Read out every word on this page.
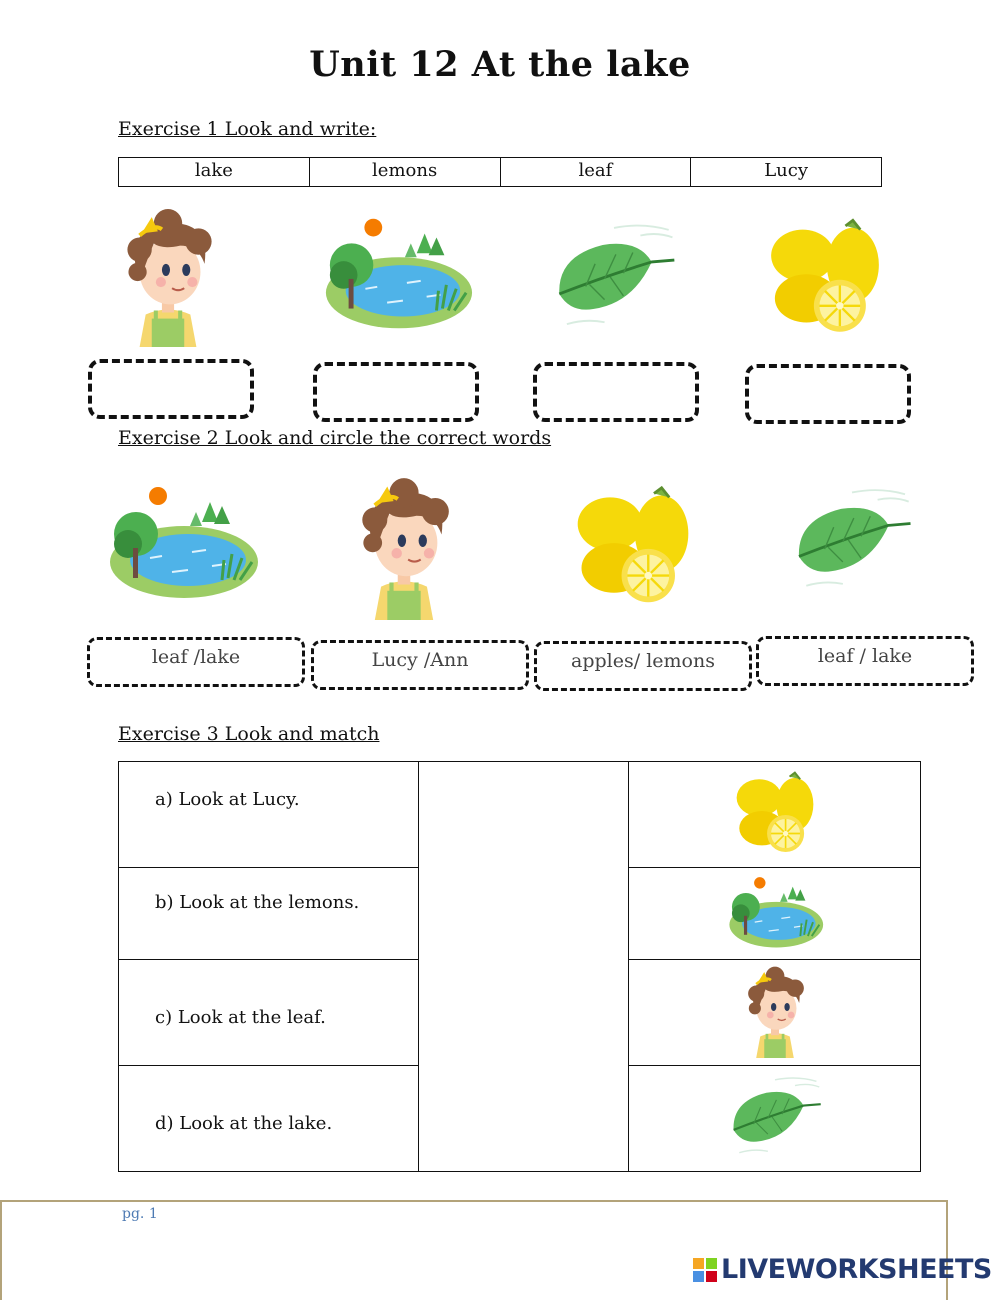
Unit 12 At the lake
Exercise 1 Look and write:
lake	lemons	leaf	Lucy
Exercise 2 Look and circle the correct words
leaf /lake	Lucy /Ann	apples/ lemons	leaf / lake
Exercise 3 Look and match
a) Look at Lucy.

b) Look at the lemons.

c) Look at the leaf.

d) Look at the lake.

pg. 1
LIVEWORKSHEETS
